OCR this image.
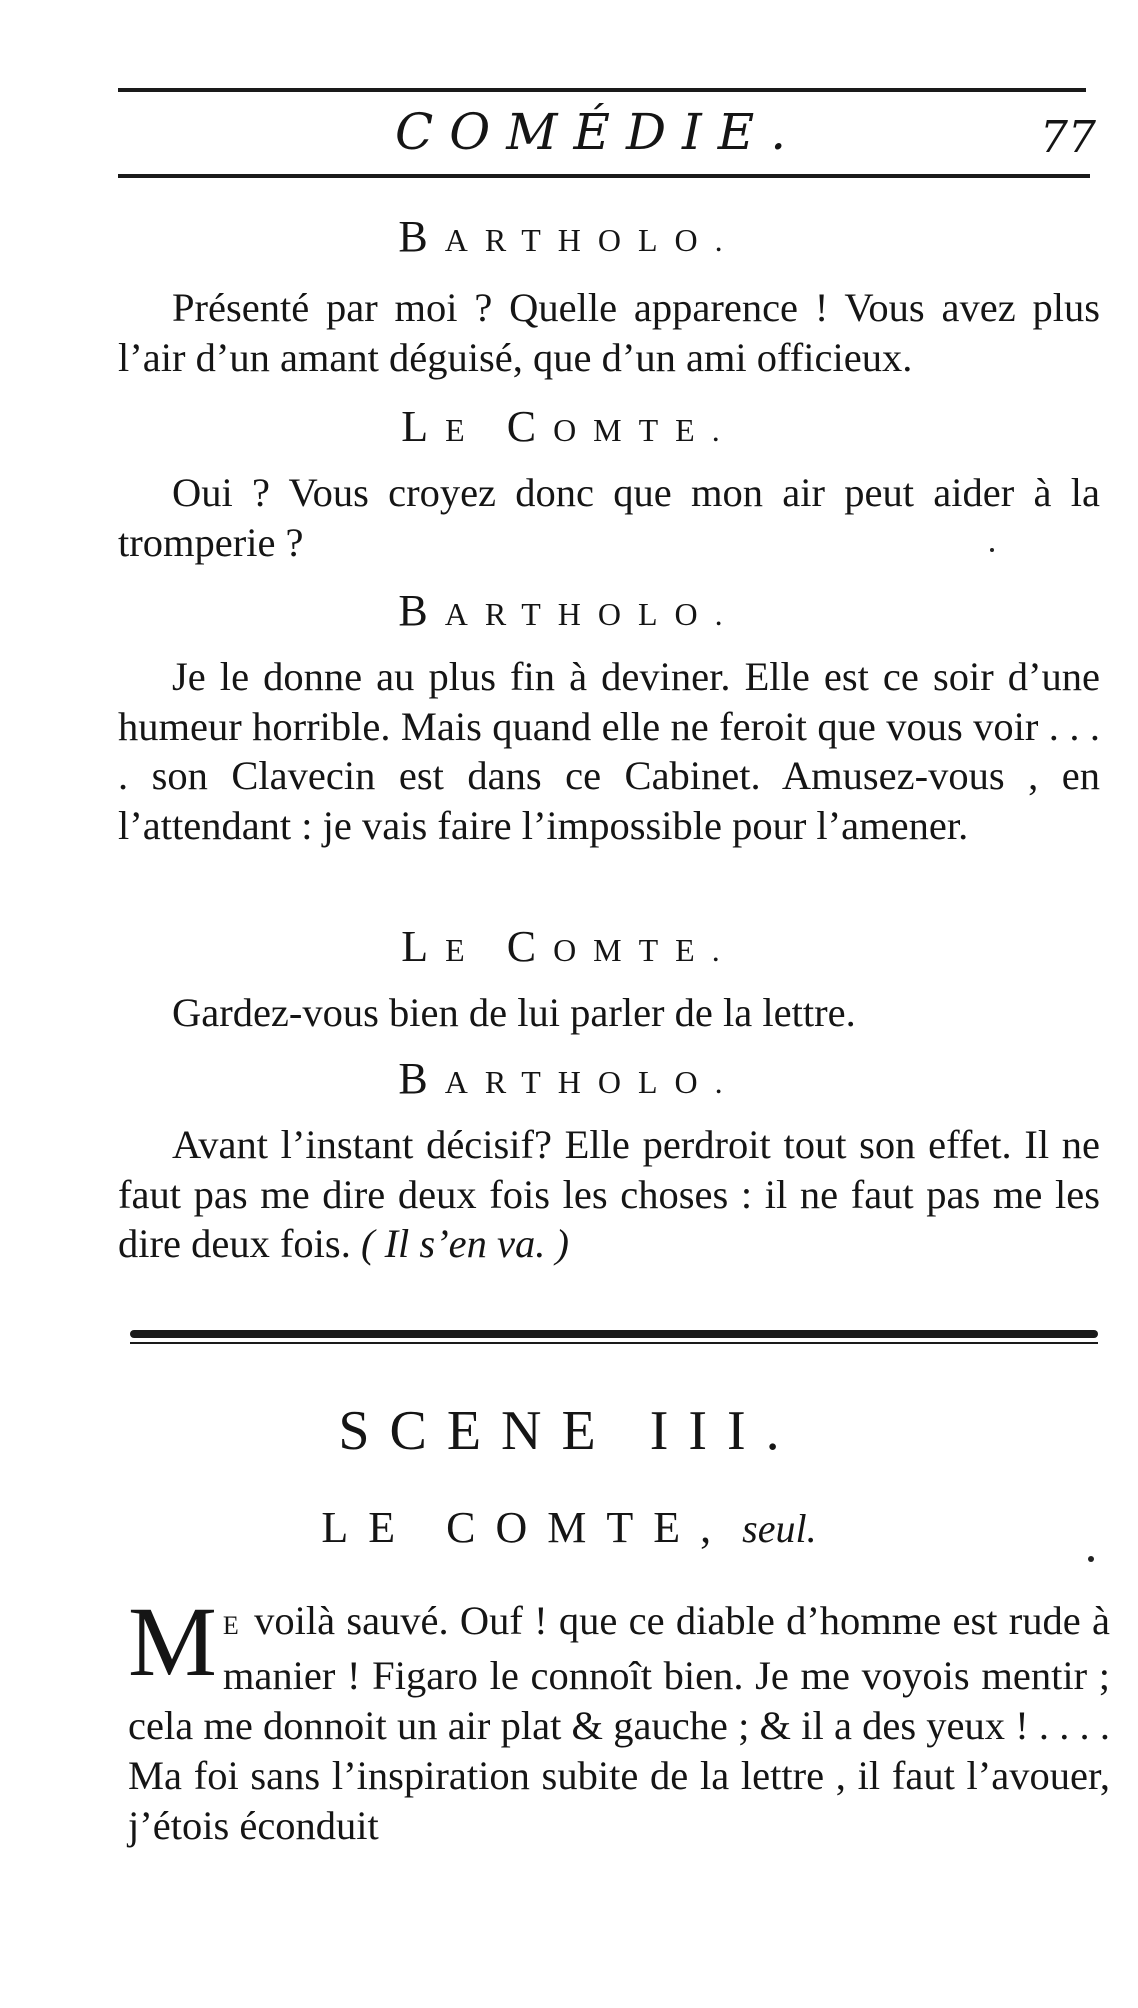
COMÉDIE.	77
BARTHOLO.
Présenté par moi ? Quelle apparence ! Vous avez plus l’air d’un amant déguisé, que d’un ami officieux.
LE COMTE.
Oui ? Vous croyez donc que mon air peut aider à la tromperie ?
BARTHOLO.
Je le donne au plus fin à deviner. Elle est ce soir d’une humeur horrible. Mais quand elle ne feroit que vous voir . . . . son Clavecin est dans ce Cabinet. Amusez-vous , en l’attendant : je vais faire l’impossible pour l’amener.
LE COMTE.
Gardez-vous bien de lui parler de la lettre.
BARTHOLO.
Avant l’instant décisif? Elle perdroit tout son effet. Il ne faut pas me dire deux fois les choses : il ne faut pas me les dire deux fois. ( Il s’en va. )
SCENE III.
LE COMTE, seul.
M E voilà sauvé. Ouf ! que ce diable d’homme est rude à manier ! Figaro le connoît bien. Je me voyois mentir ; cela me donnoit un air plat & gauche ; & il a des yeux ! . . . . Ma foi sans l’inspiration subite de la lettre , il faut l’avouer, j’étois éconduit
